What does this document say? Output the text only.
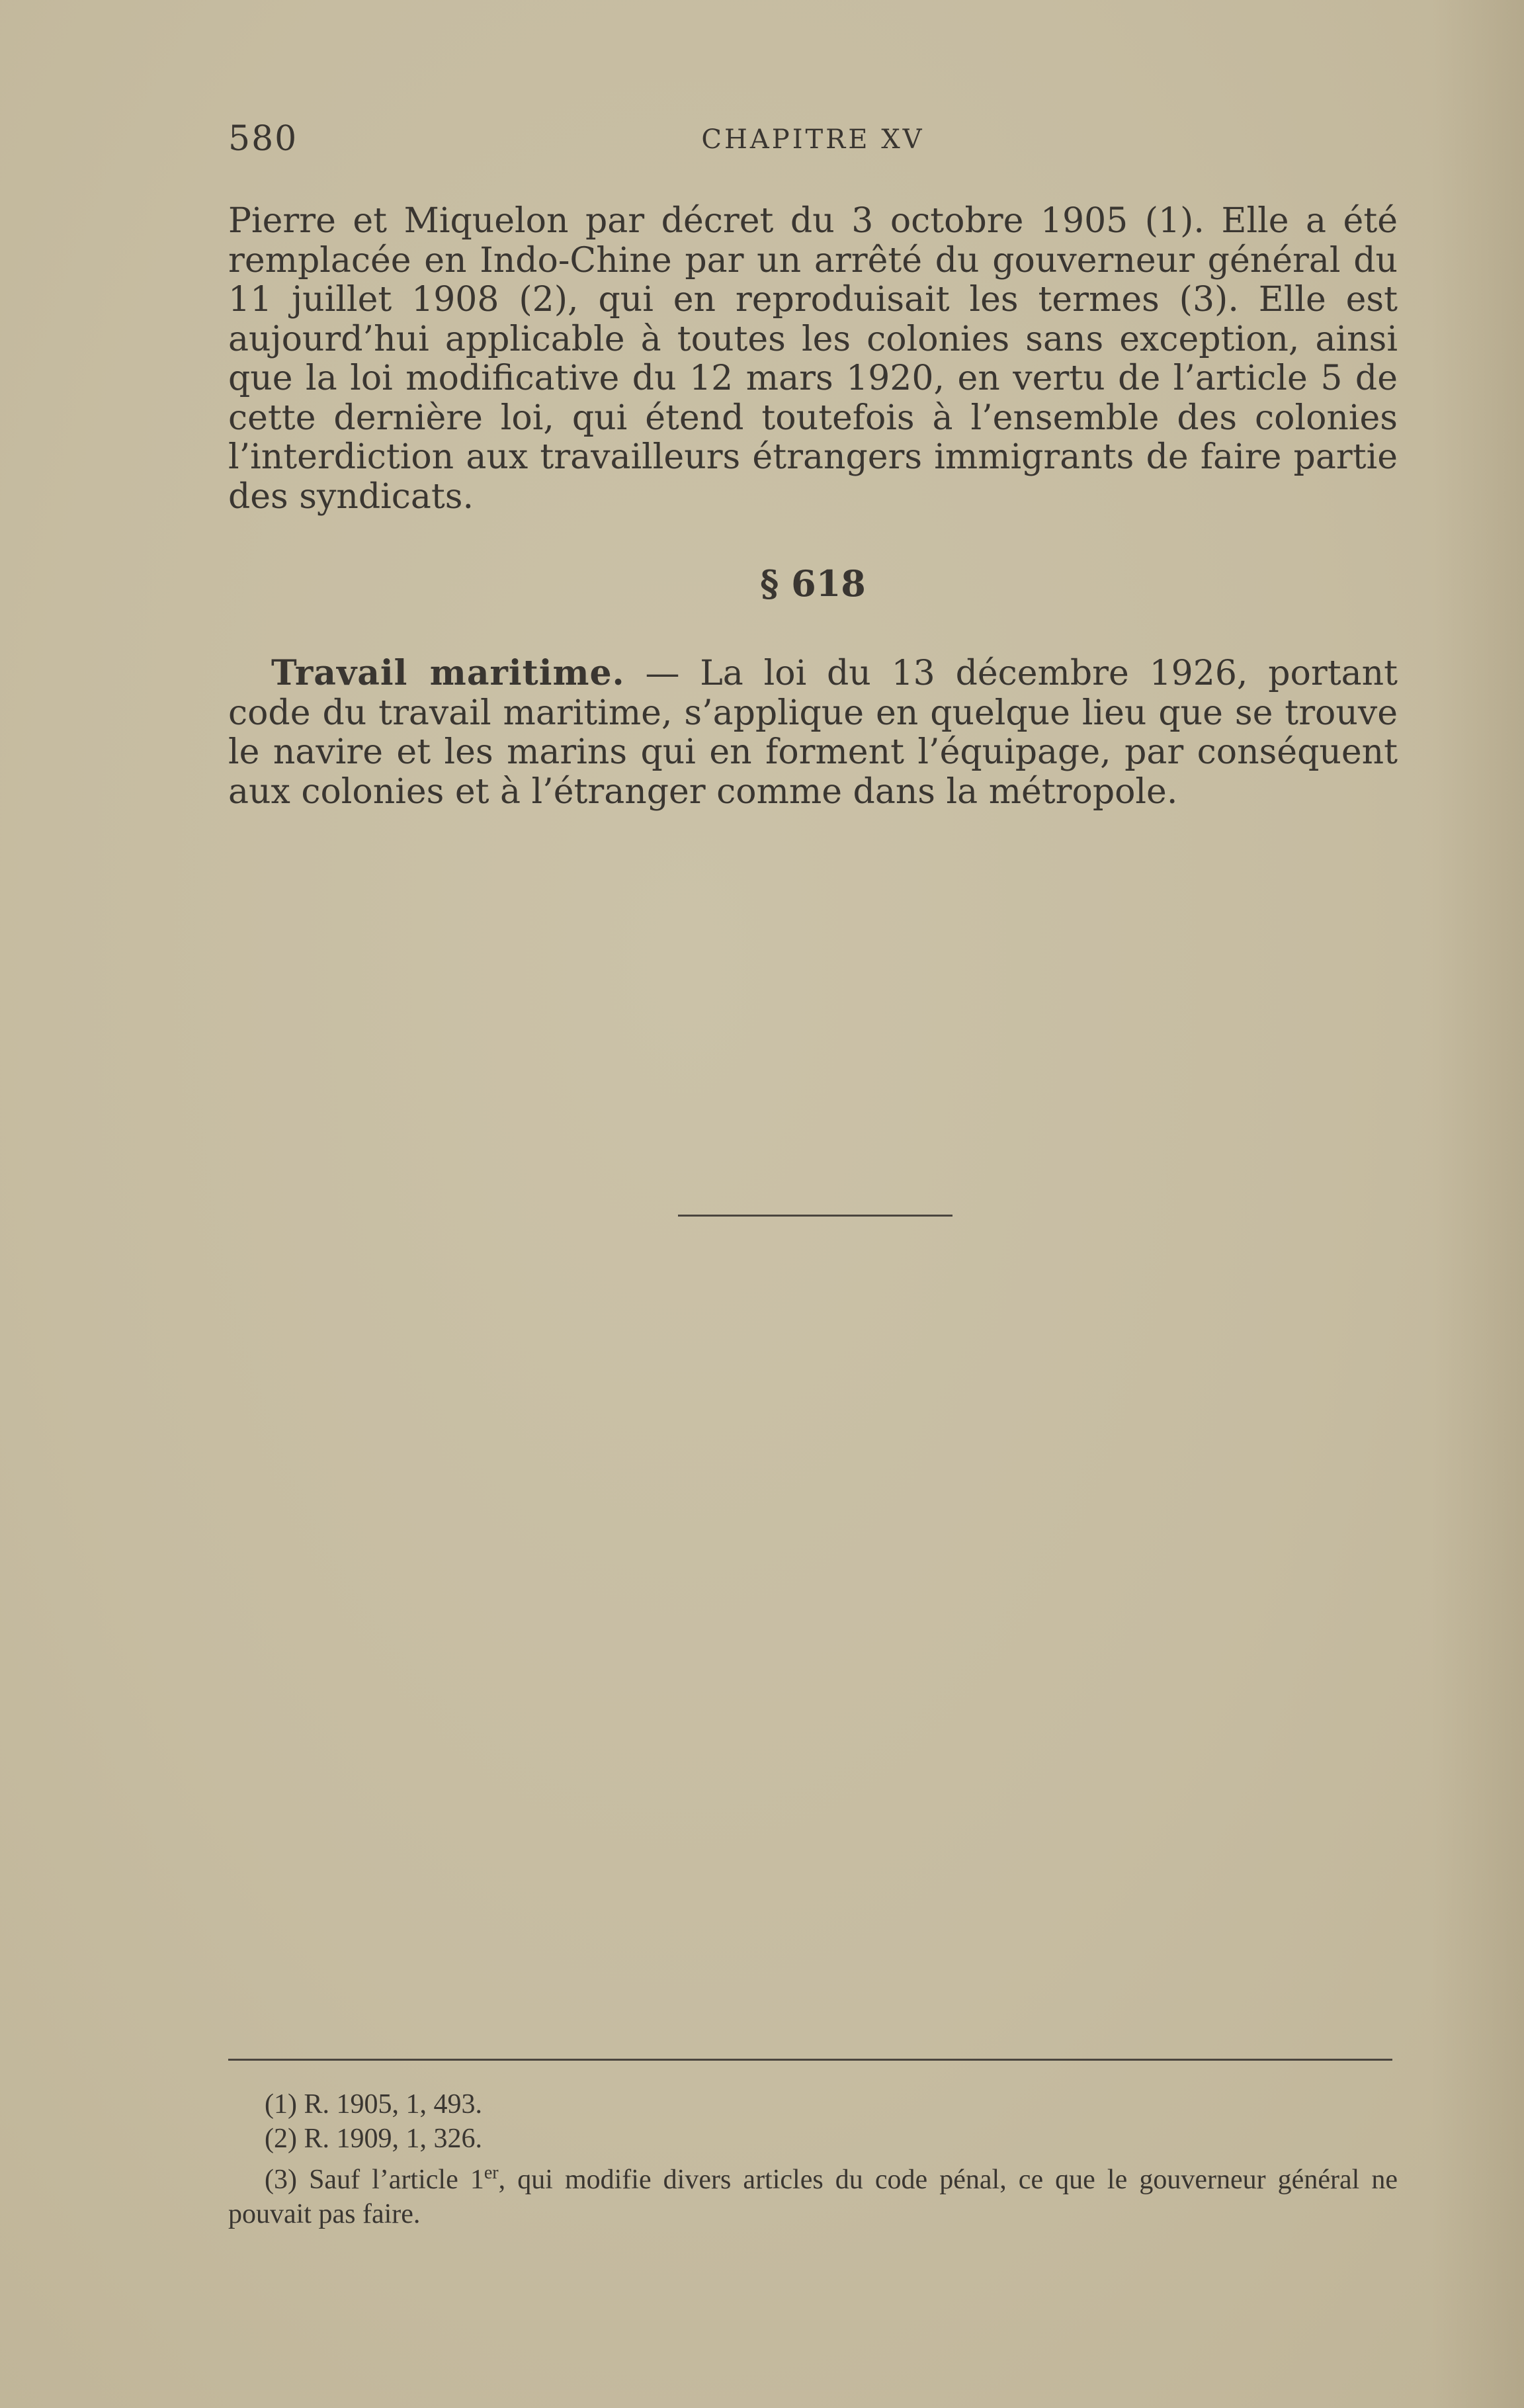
580	CHAPITRE XV

Pierre et Miquelon par décret du 3 octobre 1905 (1). Elle a été remplacée en Indo-Chine par un arrêté du gouverneur général du 11 juillet 1908 (2), qui en reproduisait les termes (3). Elle est aujourd’hui applicable à toutes les colonies sans exception, ainsi que la loi modificative du 12 mars 1920, en vertu de l’article 5 de cette dernière loi, qui étend toutefois à l’ensemble des colonies l’interdiction aux travailleurs étrangers immigrants de faire partie des syndicats.

§ 618

Travail maritime. — La loi du 13 décembre 1926, portant code du travail maritime, s’applique en quelque lieu que se trouve le navire et les marins qui en forment l’équipage, par conséquent aux colonies et à l’étranger comme dans la métropole.

(1) R. 1905, 1, 493.
(2) R. 1909, 1, 326.
(3) Sauf l’article 1er, qui modifie divers articles du code pénal, ce que le gouverneur général ne pouvait pas faire.
